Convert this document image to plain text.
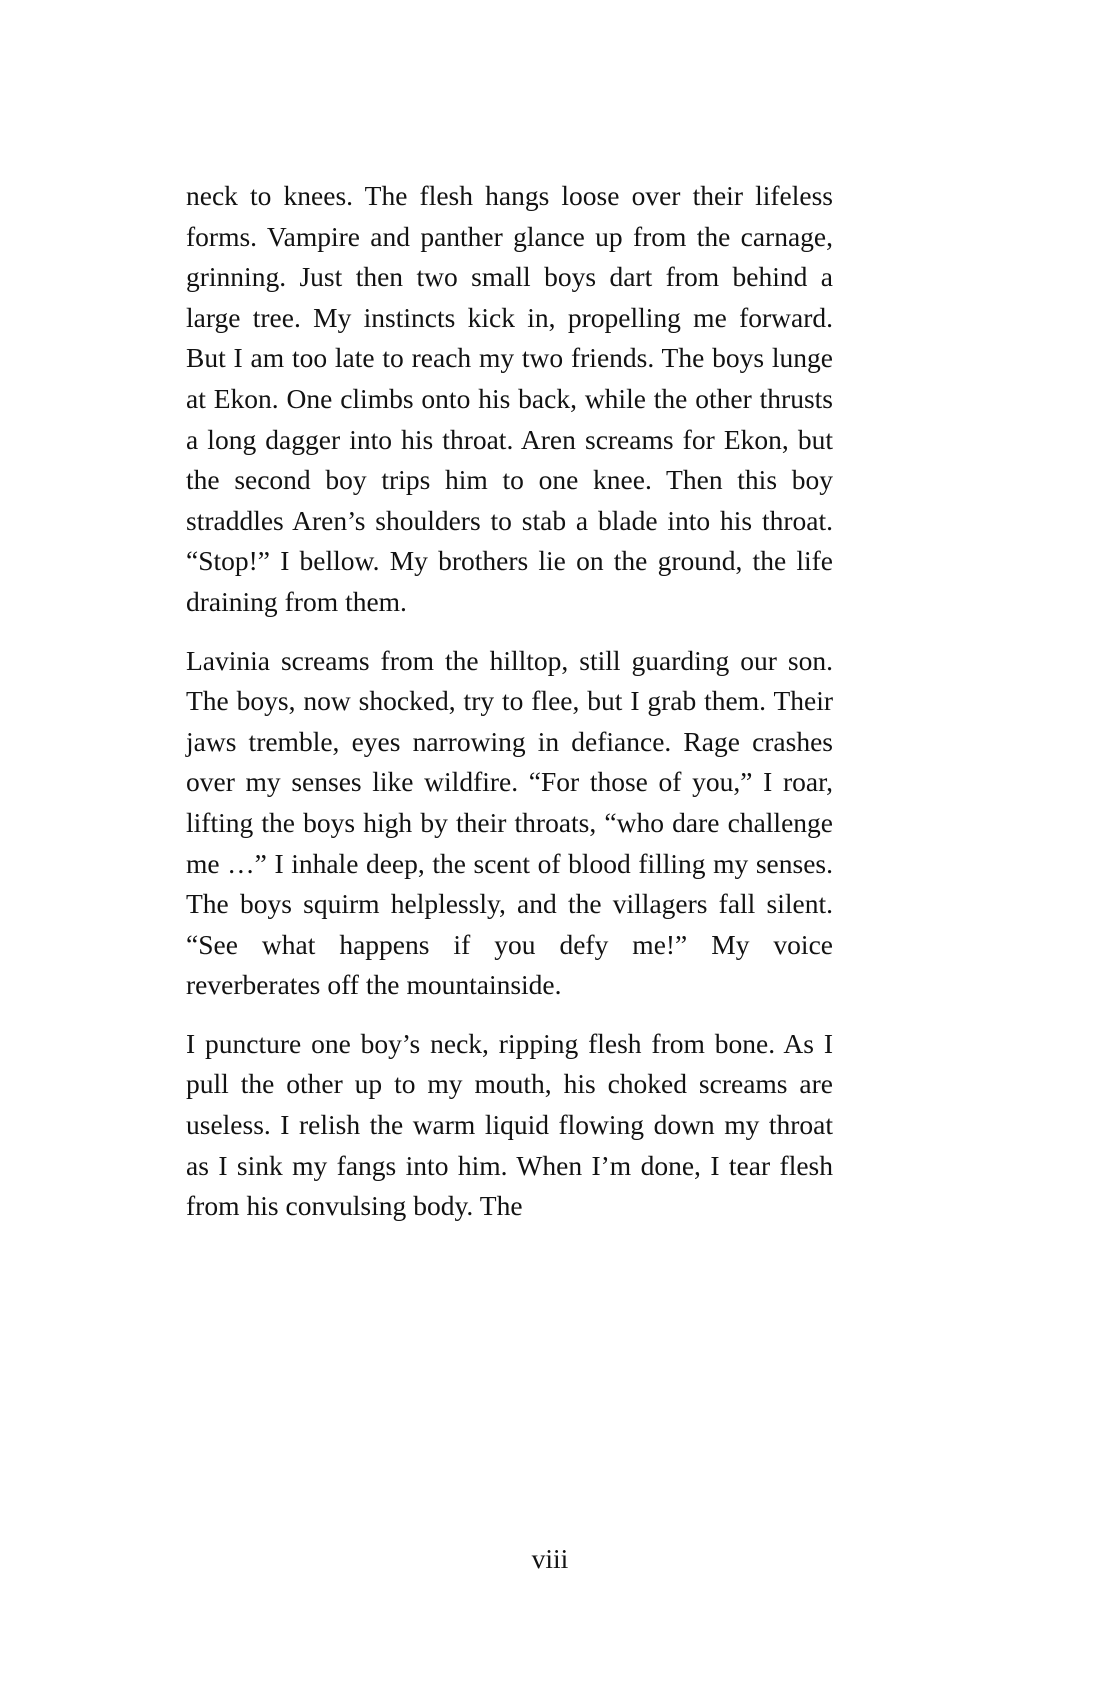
neck to knees. The flesh hangs loose over their lifeless forms. Vampire and panther glance up from the carnage, grinning. Just then two small boys dart from behind a large tree. My instincts kick in, propelling me forward. But I am too late to reach my two friends. The boys lunge at Ekon. One climbs onto his back, while the other thrusts a long dagger into his throat. Aren screams for Ekon, but the second boy trips him to one knee. Then this boy straddles Aren’s shoulders to stab a blade into his throat. “Stop!” I bellow. My brothers lie on the ground, the life draining from them.

Lavinia screams from the hilltop, still guarding our son. The boys, now shocked, try to flee, but I grab them. Their jaws tremble, eyes narrowing in defiance. Rage crashes over my senses like wildfire. “For those of you,” I roar, lifting the boys high by their throats, “who dare challenge me …” I inhale deep, the scent of blood filling my senses. The boys squirm helplessly, and the villagers fall silent. “See what happens if you defy me!” My voice reverberates off the mountainside.

I puncture one boy’s neck, ripping flesh from bone. As I pull the other up to my mouth, his choked screams are useless. I relish the warm liquid flowing down my throat as I sink my fangs into him. When I’m done, I tear flesh from his convulsing body. The

viii
